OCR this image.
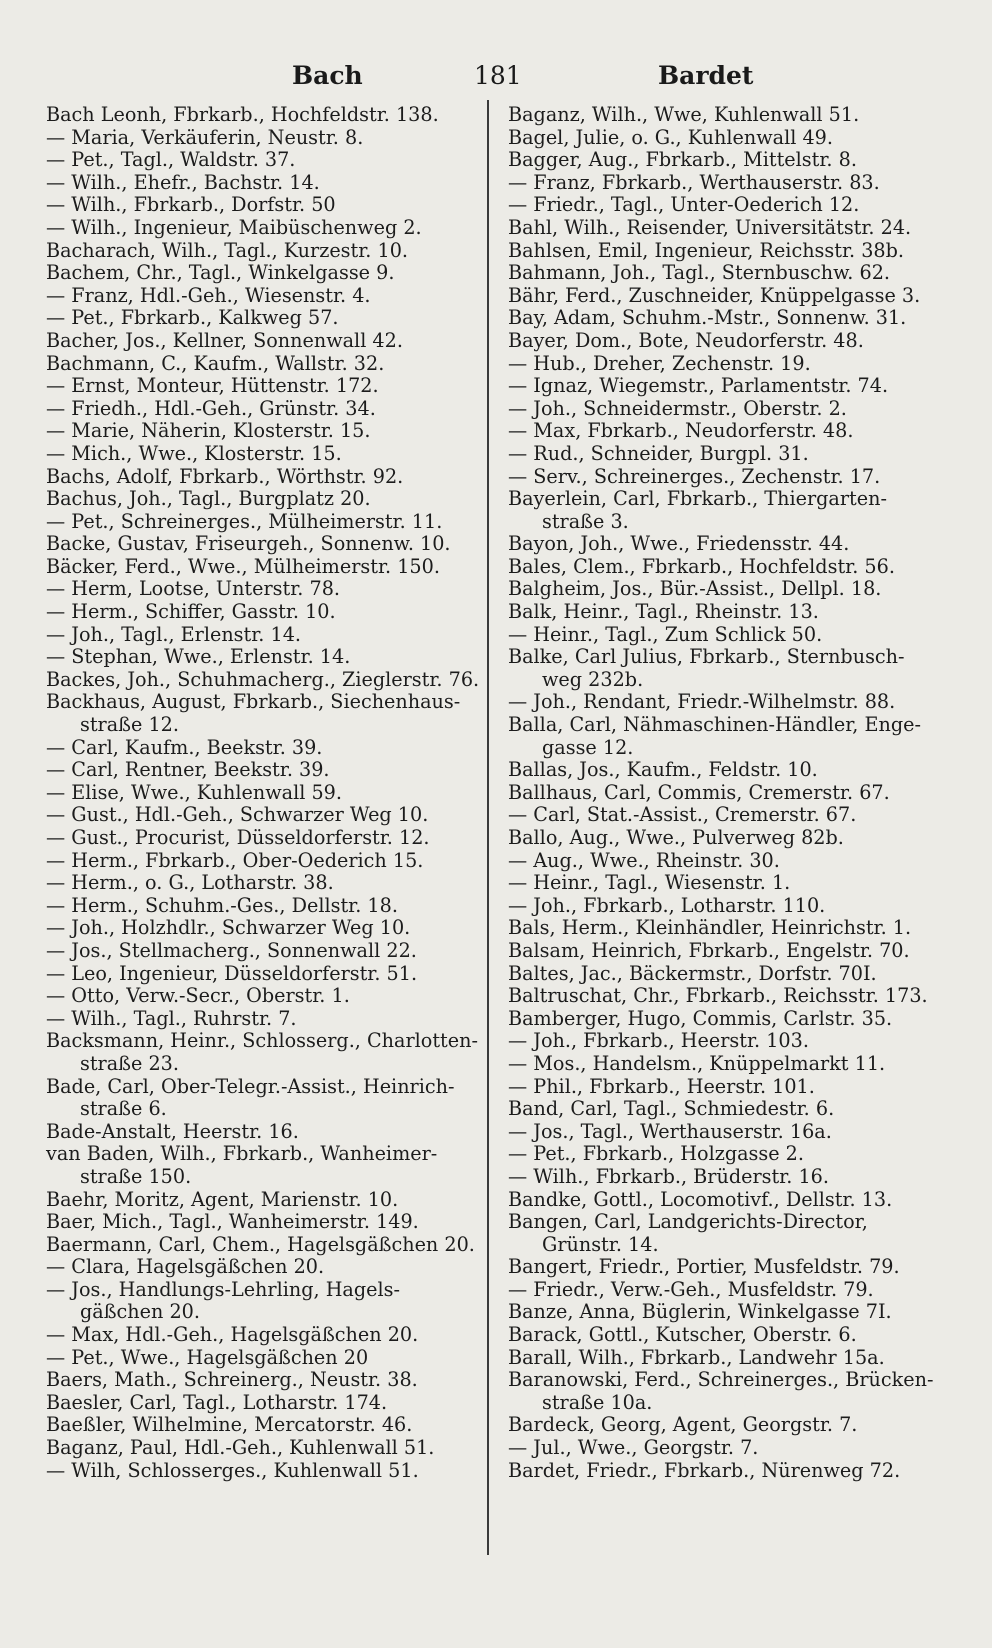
Bach	181	Bardet
Bach Leonh, Fbrkarb., Hochfeldstr. 138.
— Maria, Verkäuferin, Neustr. 8.
— Pet., Tagl., Waldstr. 37.
— Wilh., Ehefr., Bachstr. 14.
— Wilh., Fbrkarb., Dorfstr. 50
— Wilh., Ingenieur, Maibüschenweg 2.
Bacharach, Wilh., Tagl., Kurzestr. 10.
Bachem, Chr., Tagl., Winkelgasse 9.
— Franz, Hdl.-Geh., Wiesenstr. 4.
— Pet., Fbrkarb., Kalkweg 57.
Bacher, Jos., Kellner, Sonnenwall 42.
Bachmann, C., Kaufm., Wallstr. 32.
— Ernst, Monteur, Hüttenstr. 172.
— Friedh., Hdl.-Geh., Grünstr. 34.
— Marie, Näherin, Klosterstr. 15.
— Mich., Wwe., Klosterstr. 15.
Bachs, Adolf, Fbrkarb., Wörthstr. 92.
Bachus, Joh., Tagl., Burgplatz 20.
— Pet., Schreinerges., Mülheimerstr. 11.
Backe, Gustav, Friseurgeh., Sonnenw. 10.
Bäcker, Ferd., Wwe., Mülheimerstr. 150.
— Herm, Lootse, Unterstr. 78.
— Herm., Schiffer, Gasstr. 10.
— Joh., Tagl., Erlenstr. 14.
— Stephan, Wwe., Erlenstr. 14.
Backes, Joh., Schuhmacherg., Zieglerstr. 76.
Backhaus, August, Fbrkarb., Siechenhaus-
straße 12.
— Carl, Kaufm., Beekstr. 39.
— Carl, Rentner, Beekstr. 39.
— Elise, Wwe., Kuhlenwall 59.
— Gust., Hdl.-Geh., Schwarzer Weg 10.
— Gust., Procurist, Düsseldorferstr. 12.
— Herm., Fbrkarb., Ober-Oederich 15.
— Herm., o. G., Lotharstr. 38.
— Herm., Schuhm.-Ges., Dellstr. 18.
— Joh., Holzhdlr., Schwarzer Weg 10.
— Jos., Stellmacherg., Sonnenwall 22.
— Leo, Ingenieur, Düsseldorferstr. 51.
— Otto, Verw.-Secr., Oberstr. 1.
— Wilh., Tagl., Ruhrstr. 7.
Backsmann, Heinr., Schlosserg., Charlotten-
straße 23.
Bade, Carl, Ober-Telegr.-Assist., Heinrich-
straße 6.
Bade-Anstalt, Heerstr. 16.
van Baden, Wilh., Fbrkarb., Wanheimer-
straße 150.
Baehr, Moritz, Agent, Marienstr. 10.
Baer, Mich., Tagl., Wanheimerstr. 149.
Baermann, Carl, Chem., Hagelsgäßchen 20.
— Clara, Hagelsgäßchen 20.
— Jos., Handlungs-Lehrling, Hagels-
gäßchen 20.
— Max, Hdl.-Geh., Hagelsgäßchen 20.
— Pet., Wwe., Hagelsgäßchen 20
Baers, Math., Schreinerg., Neustr. 38.
Baesler, Carl, Tagl., Lotharstr. 174.
Baeßler, Wilhelmine, Mercatorstr. 46.
Baganz, Paul, Hdl.-Geh., Kuhlenwall 51.
— Wilh, Schlosserges., Kuhlenwall 51.
Baganz, Wilh., Wwe, Kuhlenwall 51.
Bagel, Julie, o. G., Kuhlenwall 49.
Bagger, Aug., Fbrkarb., Mittelstr. 8.
— Franz, Fbrkarb., Werthauserstr. 83.
— Friedr., Tagl., Unter-Oederich 12.
Bahl, Wilh., Reisender, Universitätstr. 24.
Bahlsen, Emil, Ingenieur, Reichsstr. 38b.
Bahmann, Joh., Tagl., Sternbuschw. 62.
Bähr, Ferd., Zuschneider, Knüppelgasse 3.
Bay, Adam, Schuhm.-Mstr., Sonnenw. 31.
Bayer, Dom., Bote, Neudorferstr. 48.
— Hub., Dreher, Zechenstr. 19.
— Ignaz, Wiegemstr., Parlamentstr. 74.
— Joh., Schneidermstr., Oberstr. 2.
— Max, Fbrkarb., Neudorferstr. 48.
— Rud., Schneider, Burgpl. 31.
— Serv., Schreinerges., Zechenstr. 17.
Bayerlein, Carl, Fbrkarb., Thiergarten-
straße 3.
Bayon, Joh., Wwe., Friedensstr. 44.
Bales, Clem., Fbrkarb., Hochfeldstr. 56.
Balgheim, Jos., Bür.-Assist., Dellpl. 18.
Balk, Heinr., Tagl., Rheinstr. 13.
— Heinr., Tagl., Zum Schlick 50.
Balke, Carl Julius, Fbrkarb., Sternbusch-
weg 232b.
— Joh., Rendant, Friedr.-Wilhelmstr. 88.
Balla, Carl, Nähmaschinen-Händler, Enge-
gasse 12.
Ballas, Jos., Kaufm., Feldstr. 10.
Ballhaus, Carl, Commis, Cremerstr. 67.
— Carl, Stat.-Assist., Cremerstr. 67.
Ballo, Aug., Wwe., Pulverweg 82b.
— Aug., Wwe., Rheinstr. 30.
— Heinr., Tagl., Wiesenstr. 1.
— Joh., Fbrkarb., Lotharstr. 110.
Bals, Herm., Kleinhändler, Heinrichstr. 1.
Balsam, Heinrich, Fbrkarb., Engelstr. 70.
Baltes, Jac., Bäckermstr., Dorfstr. 70I.
Baltruschat, Chr., Fbrkarb., Reichsstr. 173.
Bamberger, Hugo, Commis, Carlstr. 35.
— Joh., Fbrkarb., Heerstr. 103.
— Mos., Handelsm., Knüppelmarkt 11.
— Phil., Fbrkarb., Heerstr. 101.
Band, Carl, Tagl., Schmiedestr. 6.
— Jos., Tagl., Werthauserstr. 16a.
— Pet., Fbrkarb., Holzgasse 2.
— Wilh., Fbrkarb., Brüderstr. 16.
Bandke, Gottl., Locomotivf., Dellstr. 13.
Bangen, Carl, Landgerichts-Director,
Grünstr. 14.
Bangert, Friedr., Portier, Musfeldstr. 79.
— Friedr., Verw.-Geh., Musfeldstr. 79.
Banze, Anna, Büglerin, Winkelgasse 7I.
Barack, Gottl., Kutscher, Oberstr. 6.
Barall, Wilh., Fbrkarb., Landwehr 15a.
Baranowski, Ferd., Schreinerges., Brücken-
straße 10a.
Bardeck, Georg, Agent, Georgstr. 7.
— Jul., Wwe., Georgstr. 7.
Bardet, Friedr., Fbrkarb., Nürenweg 72.
